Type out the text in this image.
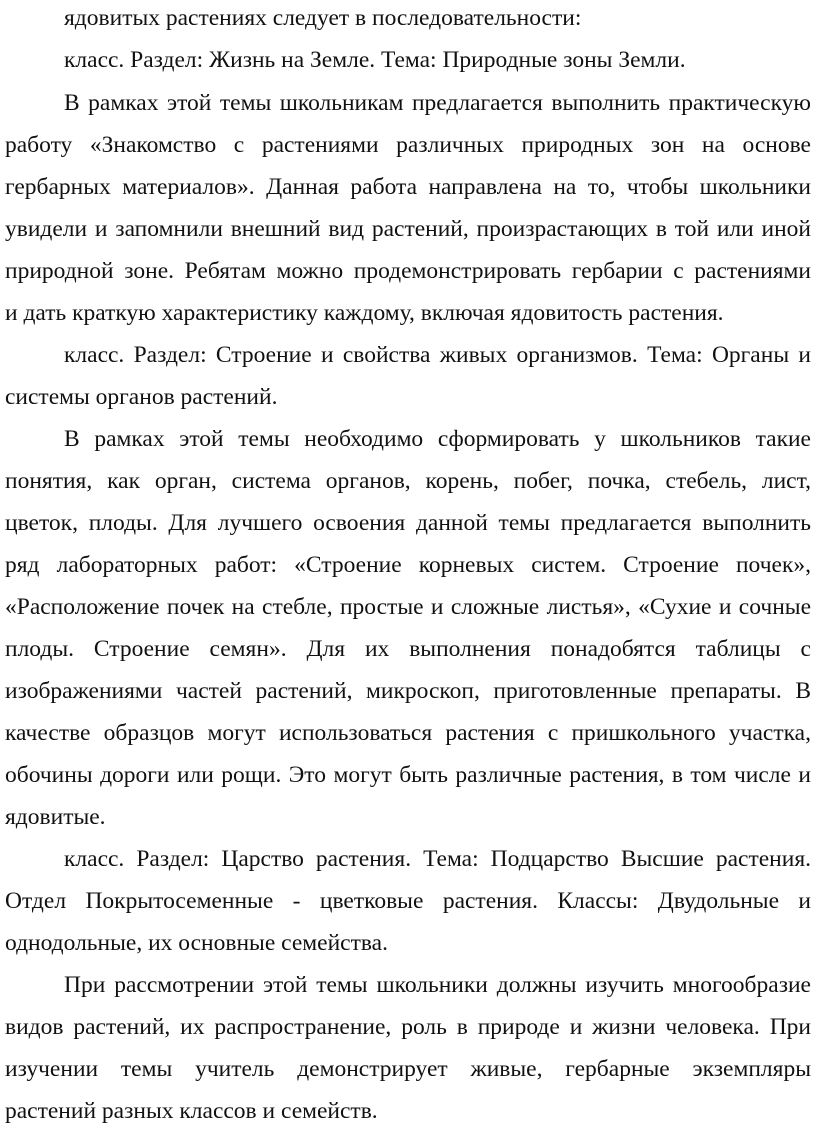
ядовитых растениях следует в последовательности:
класс. Раздел: Жизнь на Земле. Тема: Природные зоны Земли.
В рамках этой темы школьникам предлагается выполнить практическую
работу «Знакомство с растениями различных природных зон на основе
гербарных материалов». Данная работа направлена на то, чтобы школьники
увидели и запомнили внешний вид растений, произрастающих в той или иной
природной зоне. Ребятам можно продемонстрировать гербарии с растениями
и дать краткую характеристику каждому, включая ядовитость растения.
класс. Раздел: Строение и свойства живых организмов. Тема: Органы и
системы органов растений.
В рамках этой темы необходимо сформировать у школьников такие
понятия, как орган, система органов, корень, побег, почка, стебель, лист,
цветок, плоды. Для лучшего освоения данной темы предлагается выполнить
ряд лабораторных работ: «Строение корневых систем. Строение почек»,
«Расположение почек на стебле, простые и сложные листья», «Сухие и сочные
плоды. Строение семян». Для их выполнения понадобятся таблицы с
изображениями частей растений, микроскоп, приготовленные препараты. В
качестве образцов могут использоваться растения с пришкольного участка,
обочины дороги или рощи. Это могут быть различные растения, в том числе и
ядовитые.
класс. Раздел: Царство растения. Тема: Подцарство Высшие растения.
Отдел Покрытосеменные - цветковые растения. Классы: Двудольные и
однодольные, их основные семейства.
При рассмотрении этой темы школьники должны изучить многообразие
видов растений, их распространение, роль в природе и жизни человека. При
изучении темы учитель демонстрирует живые, гербарные экземпляры
растений разных классов и семейств.
